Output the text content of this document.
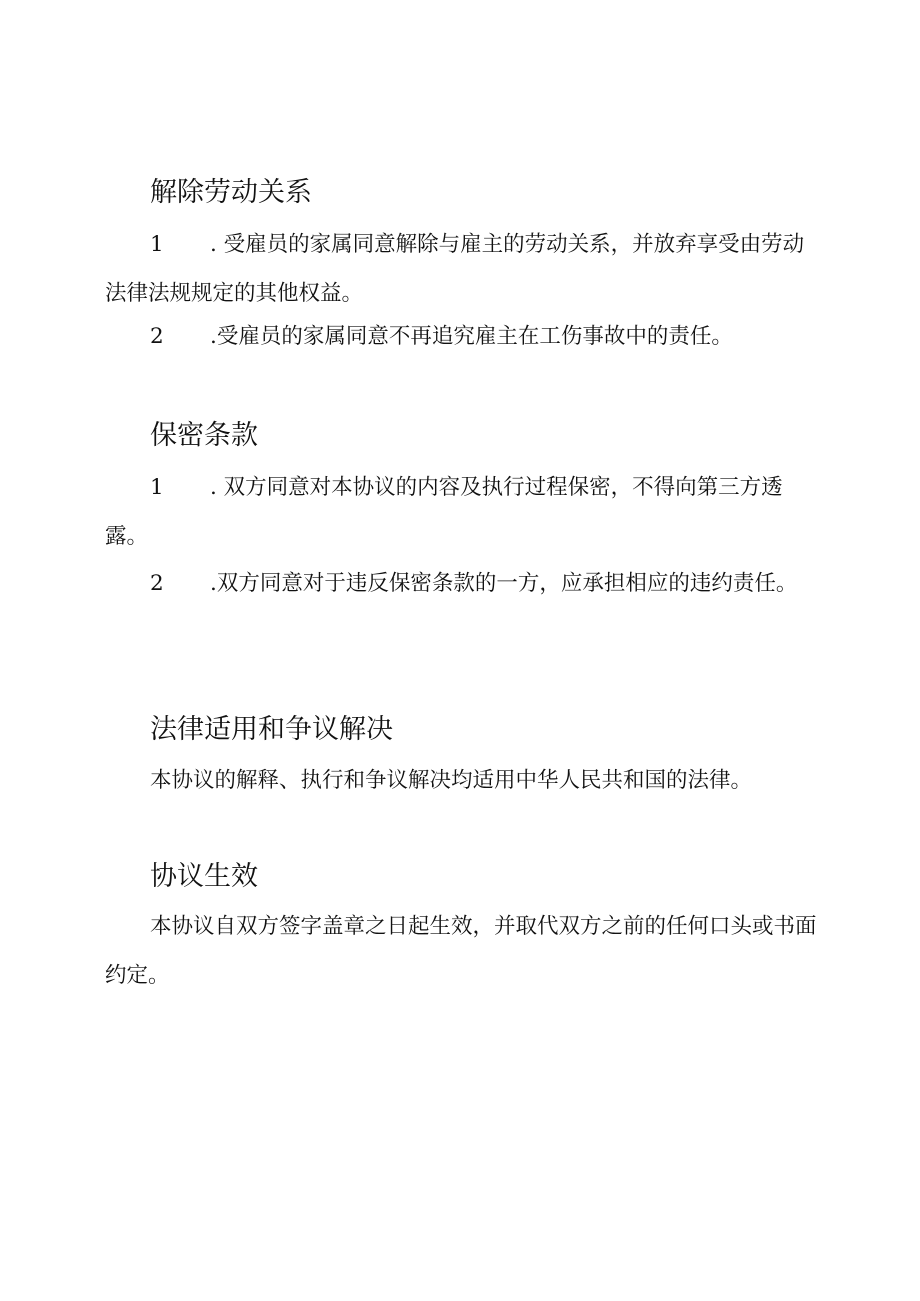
解除劳动关系
1 . 受雇员的家属同意解除与雇主的劳动关系，并放弃享受由劳动法律法规规定的其他权益。
2 .受雇员的家属同意不再追究雇主在工伤事故中的责任。
保密条款
1 . 双方同意对本协议的内容及执行过程保密，不得向第三方透露。
2 .双方同意对于违反保密条款的一方，应承担相应的违约责任。
法律适用和争议解决
本协议的解释、执行和争议解决均适用中华人民共和国的法律。
协议生效
本协议自双方签字盖章之日起生效，并取代双方之前的任何口头或书面约定。
